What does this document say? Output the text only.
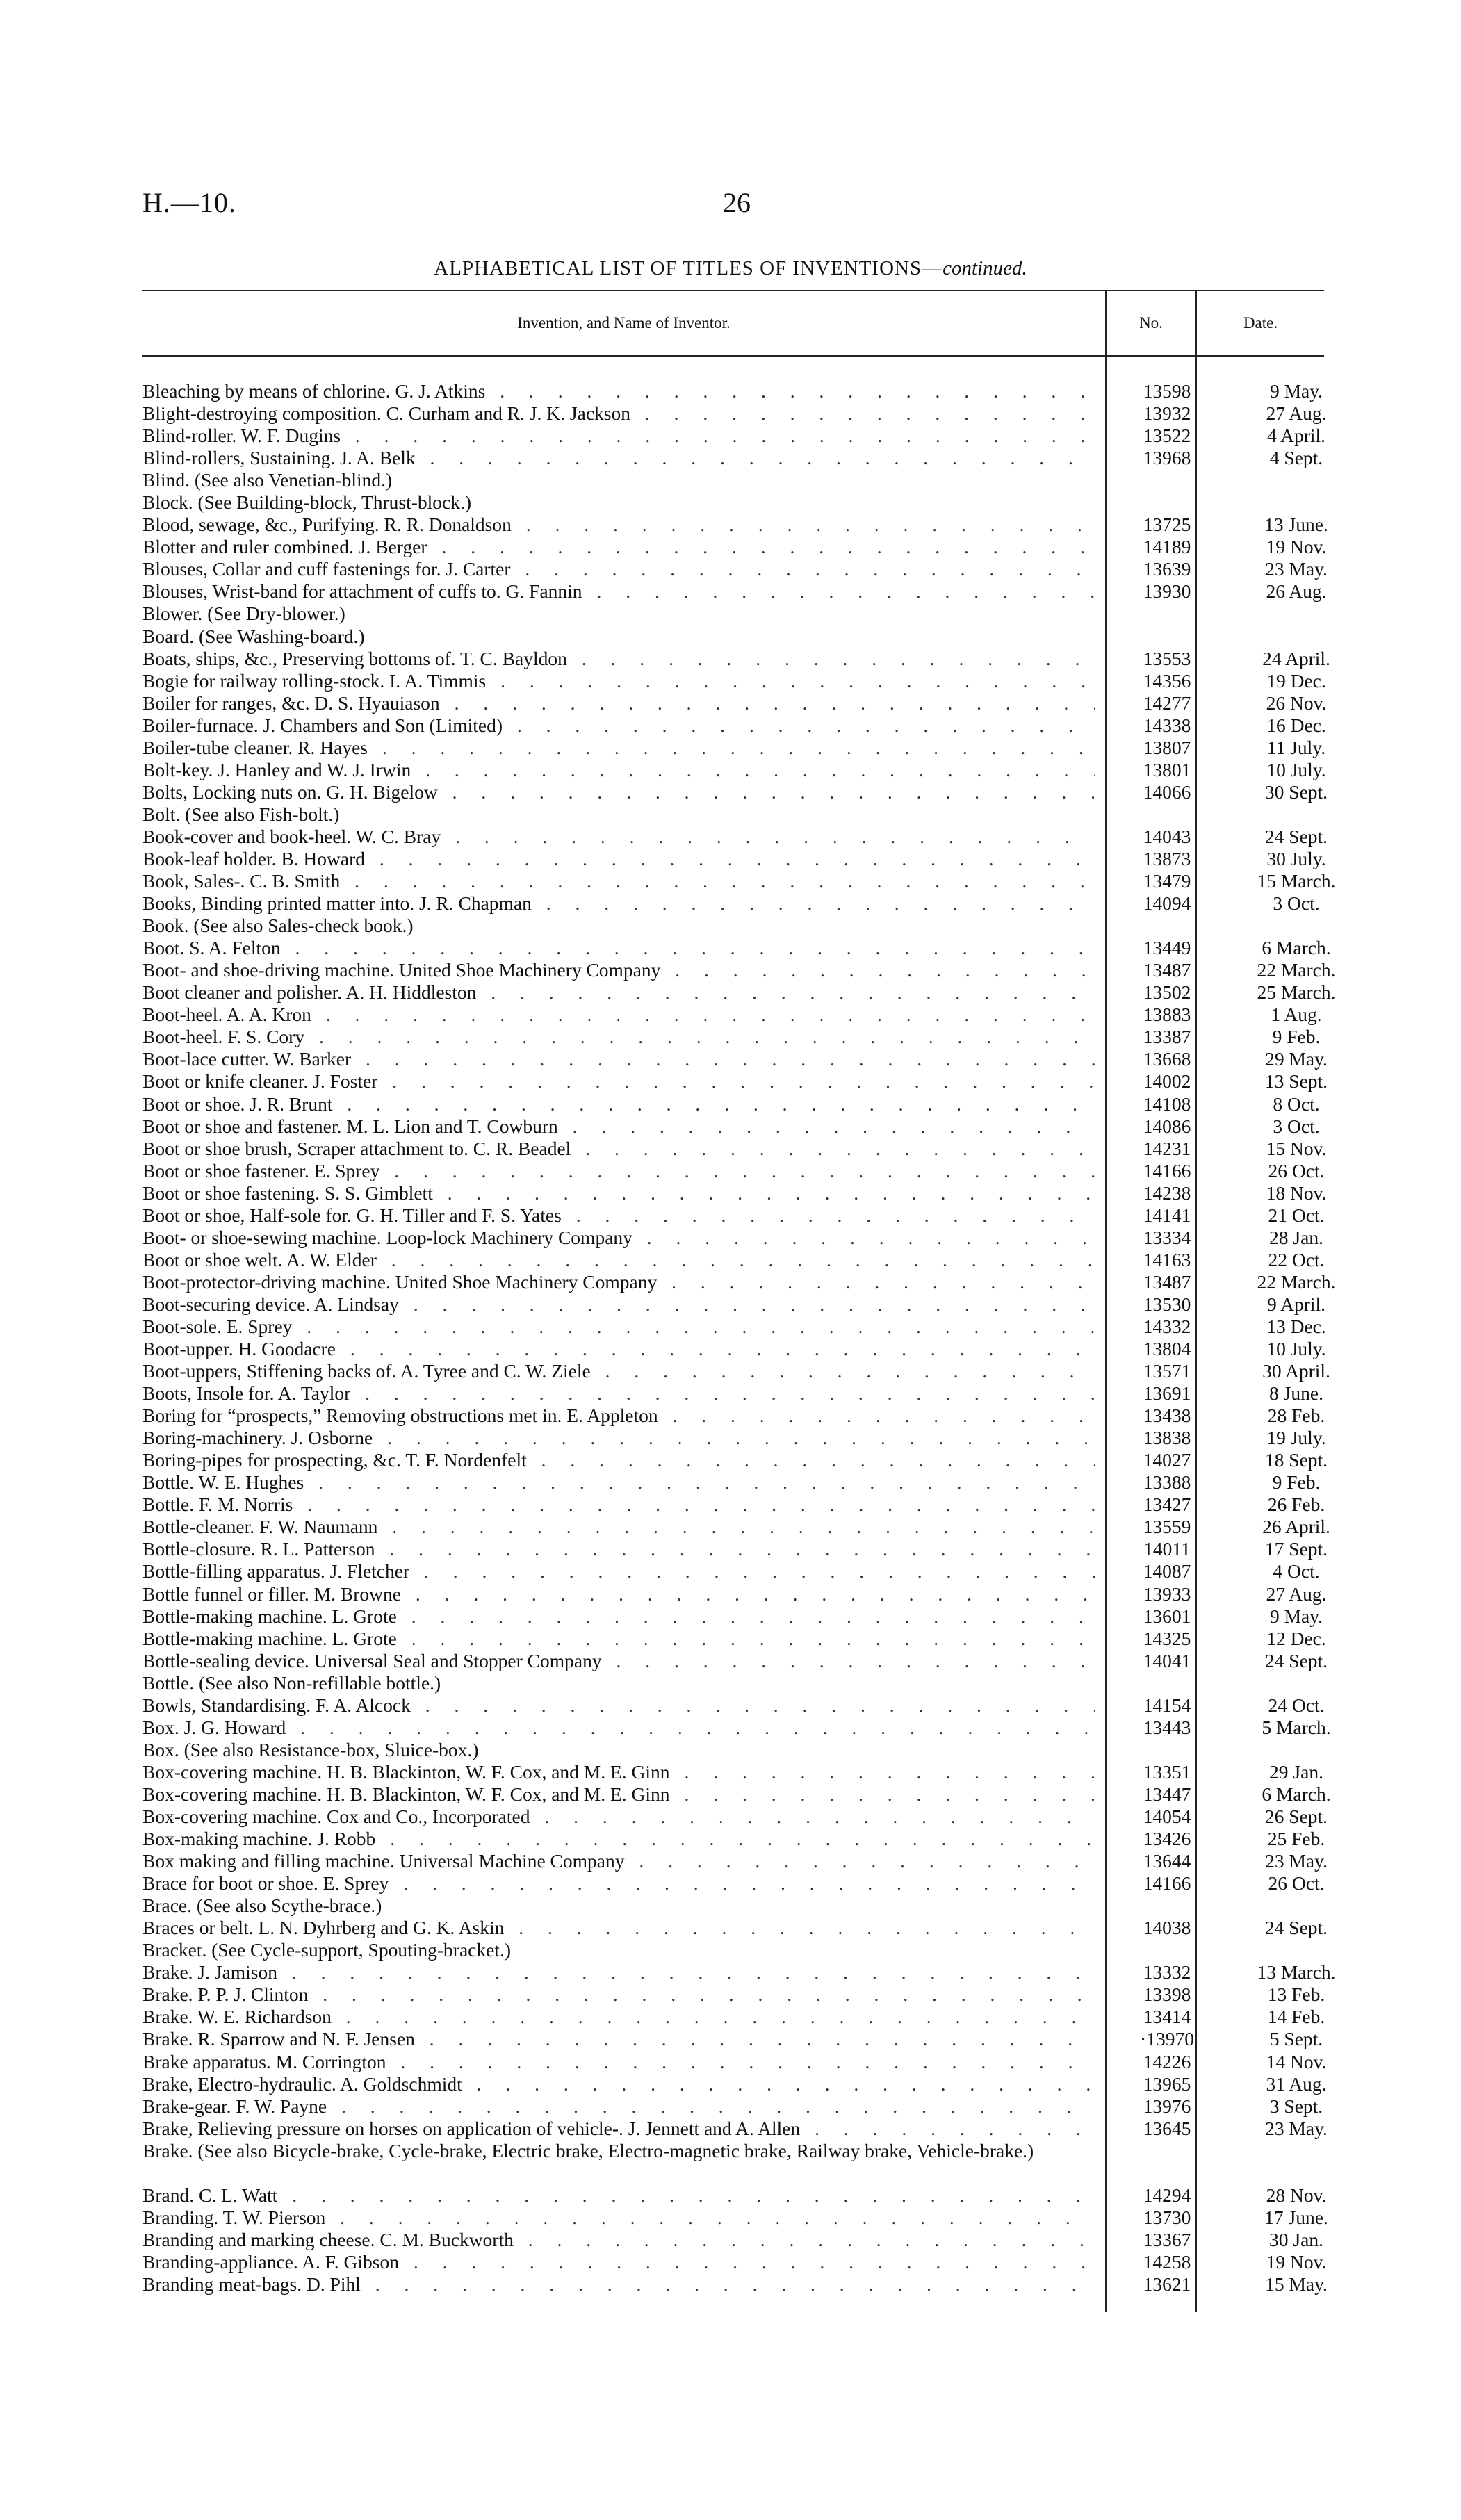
H.—10.	26
ALPHABETICAL LIST OF TITLES OF INVENTIONS—continued.
Invention, and Name of Inventor.	No.	Date.
Bleaching by means of chlorine. G. J. Atkins . . .	13598	9 May.
Blight-destroying composition. C. Curham and R. J. K. Jackson . . .	13932	27 Aug.
Blind-roller. W. F. Dugins . . .	13522	4 April.
Blind-rollers, Sustaining. J. A. Belk . . .	13968	4 Sept.
Blind. (See also Venetian-blind.)
Block. (See Building-block, Thrust-block.)
Blood, sewage, &c., Purifying. R. R. Donaldson . . .	13725	13 June.
Blotter and ruler combined. J. Berger . . .	14189	19 Nov.
Blouses, Collar and cuff fastenings for. J. Carter . . .	13639	23 May.
Blouses, Wrist-band for attachment of cuffs to. G. Fannin . . .	13930	26 Aug.
Blower. (See Dry-blower.)
Board. (See Washing-board.)
Boats, ships, &c., Preserving bottoms of. T. C. Bayldon . . .	13553	24 April.
Bogie for railway rolling-stock. I. A. Timmis . . .	14356	19 Dec.
Boiler for ranges, &c. D. S. Hyauiason . . .	14277	26 Nov.
Boiler-furnace. J. Chambers and Son (Limited) . . .	14338	16 Dec.
Boiler-tube cleaner. R. Hayes . . .	13807	11 July.
Bolt-key. J. Hanley and W. J. Irwin . . .	13801	10 July.
Bolts, Locking nuts on. G. H. Bigelow . . .	14066	30 Sept.
Bolt. (See also Fish-bolt.)
Book-cover and book-heel. W. C. Bray . . .	14043	24 Sept.
Book-leaf holder. B. Howard . . .	13873	30 July.
Book, Sales-. C. B. Smith . . .	13479	15 March.
Books, Binding printed matter into. J. R. Chapman . . .	14094	3 Oct.
Book. (See also Sales-check book.)
Boot. S. A. Felton . . .	13449	6 March.
Boot- and shoe-driving machine. United Shoe Machinery Company . . .	13487	22 March.
Boot cleaner and polisher. A. H. Hiddleston . . .	13502	25 March.
Boot-heel. A. A. Kron . . .	13883	1 Aug.
Boot-heel. F. S. Cory . . .	13387	9 Feb.
Boot-lace cutter. W. Barker . . .	13668	29 May.
Boot or knife cleaner. J. Foster . . .	14002	13 Sept.
Boot or shoe. J. R. Brunt . . .	14108	8 Oct.
Boot or shoe and fastener. M. L. Lion and T. Cowburn . . .	14086	3 Oct.
Boot or shoe brush, Scraper attachment to. C. R. Beadel . . .	14231	15 Nov.
Boot or shoe fastener. E. Sprey . . .	14166	26 Oct.
Boot or shoe fastening. S. S. Gimblett . . .	14238	18 Nov.
Boot or shoe, Half-sole for. G. H. Tiller and F. S. Yates . . .	14141	21 Oct.
Boot- or shoe-sewing machine. Loop-lock Machinery Company . . .	13334	28 Jan.
Boot or shoe welt. A. W. Elder . . .	14163	22 Oct.
Boot-protector-driving machine. United Shoe Machinery Company . . .	13487	22 March.
Boot-securing device. A. Lindsay . . .	13530	9 April.
Boot-sole. E. Sprey . . .	14332	13 Dec.
Boot-upper. H. Goodacre . . .	13804	10 July.
Boot-uppers, Stiffening backs of. A. Tyree and C. W. Ziele . . .	13571	30 April.
Boots, Insole for. A. Taylor . . .	13691	8 June.
Boring for “prospects,” Removing obstructions met in. E. Appleton . . .	13438	28 Feb.
Boring-machinery. J. Osborne . . .	13838	19 July.
Boring-pipes for prospecting, &c. T. F. Nordenfelt . . .	14027	18 Sept.
Bottle. W. E. Hughes . . .	13388	9 Feb.
Bottle. F. M. Norris . . .	13427	26 Feb.
Bottle-cleaner. F. W. Naumann . . .	13559	26 April.
Bottle-closure. R. L. Patterson . . .	14011	17 Sept.
Bottle-filling apparatus. J. Fletcher . . .	14087	4 Oct.
Bottle funnel or filler. M. Browne . . .	13933	27 Aug.
Bottle-making machine. L. Grote . . .	13601	9 May.
Bottle-making machine. L. Grote . . .	14325	12 Dec.
Bottle-sealing device. Universal Seal and Stopper Company . . .	14041	24 Sept.
Bottle. (See also Non-refillable bottle.)
Bowls, Standardising. F. A. Alcock . . .	14154	24 Oct.
Box. J. G. Howard . . .	13443	5 March.
Box. (See also Resistance-box, Sluice-box.)
Box-covering machine. H. B. Blackinton, W. F. Cox, and M. E. Ginn . . .	13351	29 Jan.
Box-covering machine. H. B. Blackinton, W. F. Cox, and M. E. Ginn . . .	13447	6 March.
Box-covering machine. Cox and Co., Incorporated . . .	14054	26 Sept.
Box-making machine. J. Robb . . .	13426	25 Feb.
Box making and filling machine. Universal Machine Company . . .	13644	23 May.
Brace for boot or shoe. E. Sprey . . .	14166	26 Oct.
Brace. (See also Scythe-brace.)
Braces or belt. L. N. Dyhrberg and G. K. Askin . . .	14038	24 Sept.
Bracket. (See Cycle-support, Spouting-bracket.)
Brake. J. Jamison . . .	13332	13 March.
Brake. P. P. J. Clinton . . .	13398	13 Feb.
Brake. W. E. Richardson . . .	13414	14 Feb.
Brake. R. Sparrow and N. F. Jensen . . .	·13970	5 Sept.
Brake apparatus. M. Corrington . . .	14226	14 Nov.
Brake, Electro-hydraulic. A. Goldschmidt . . .	13965	31 Aug.
Brake-gear. F. W. Payne . . .	13976	3 Sept.
Brake, Relieving pressure on horses on application of vehicle-. J. Jennett and A. Allen . . .	13645	23 May.
Brake. (See also Bicycle-brake, Cycle-brake, Electric brake, Electro-magnetic brake, Railway brake, Vehicle-brake.)
Brand. C. L. Watt . . .	14294	28 Nov.
Branding. T. W. Pierson . . .	13730	17 June.
Branding and marking cheese. C. M. Buckworth . . .	13367	30 Jan.
Branding-appliance. A. F. Gibson . . .	14258	19 Nov.
Branding meat-bags. D. Pihl . . .	13621	15 May.
